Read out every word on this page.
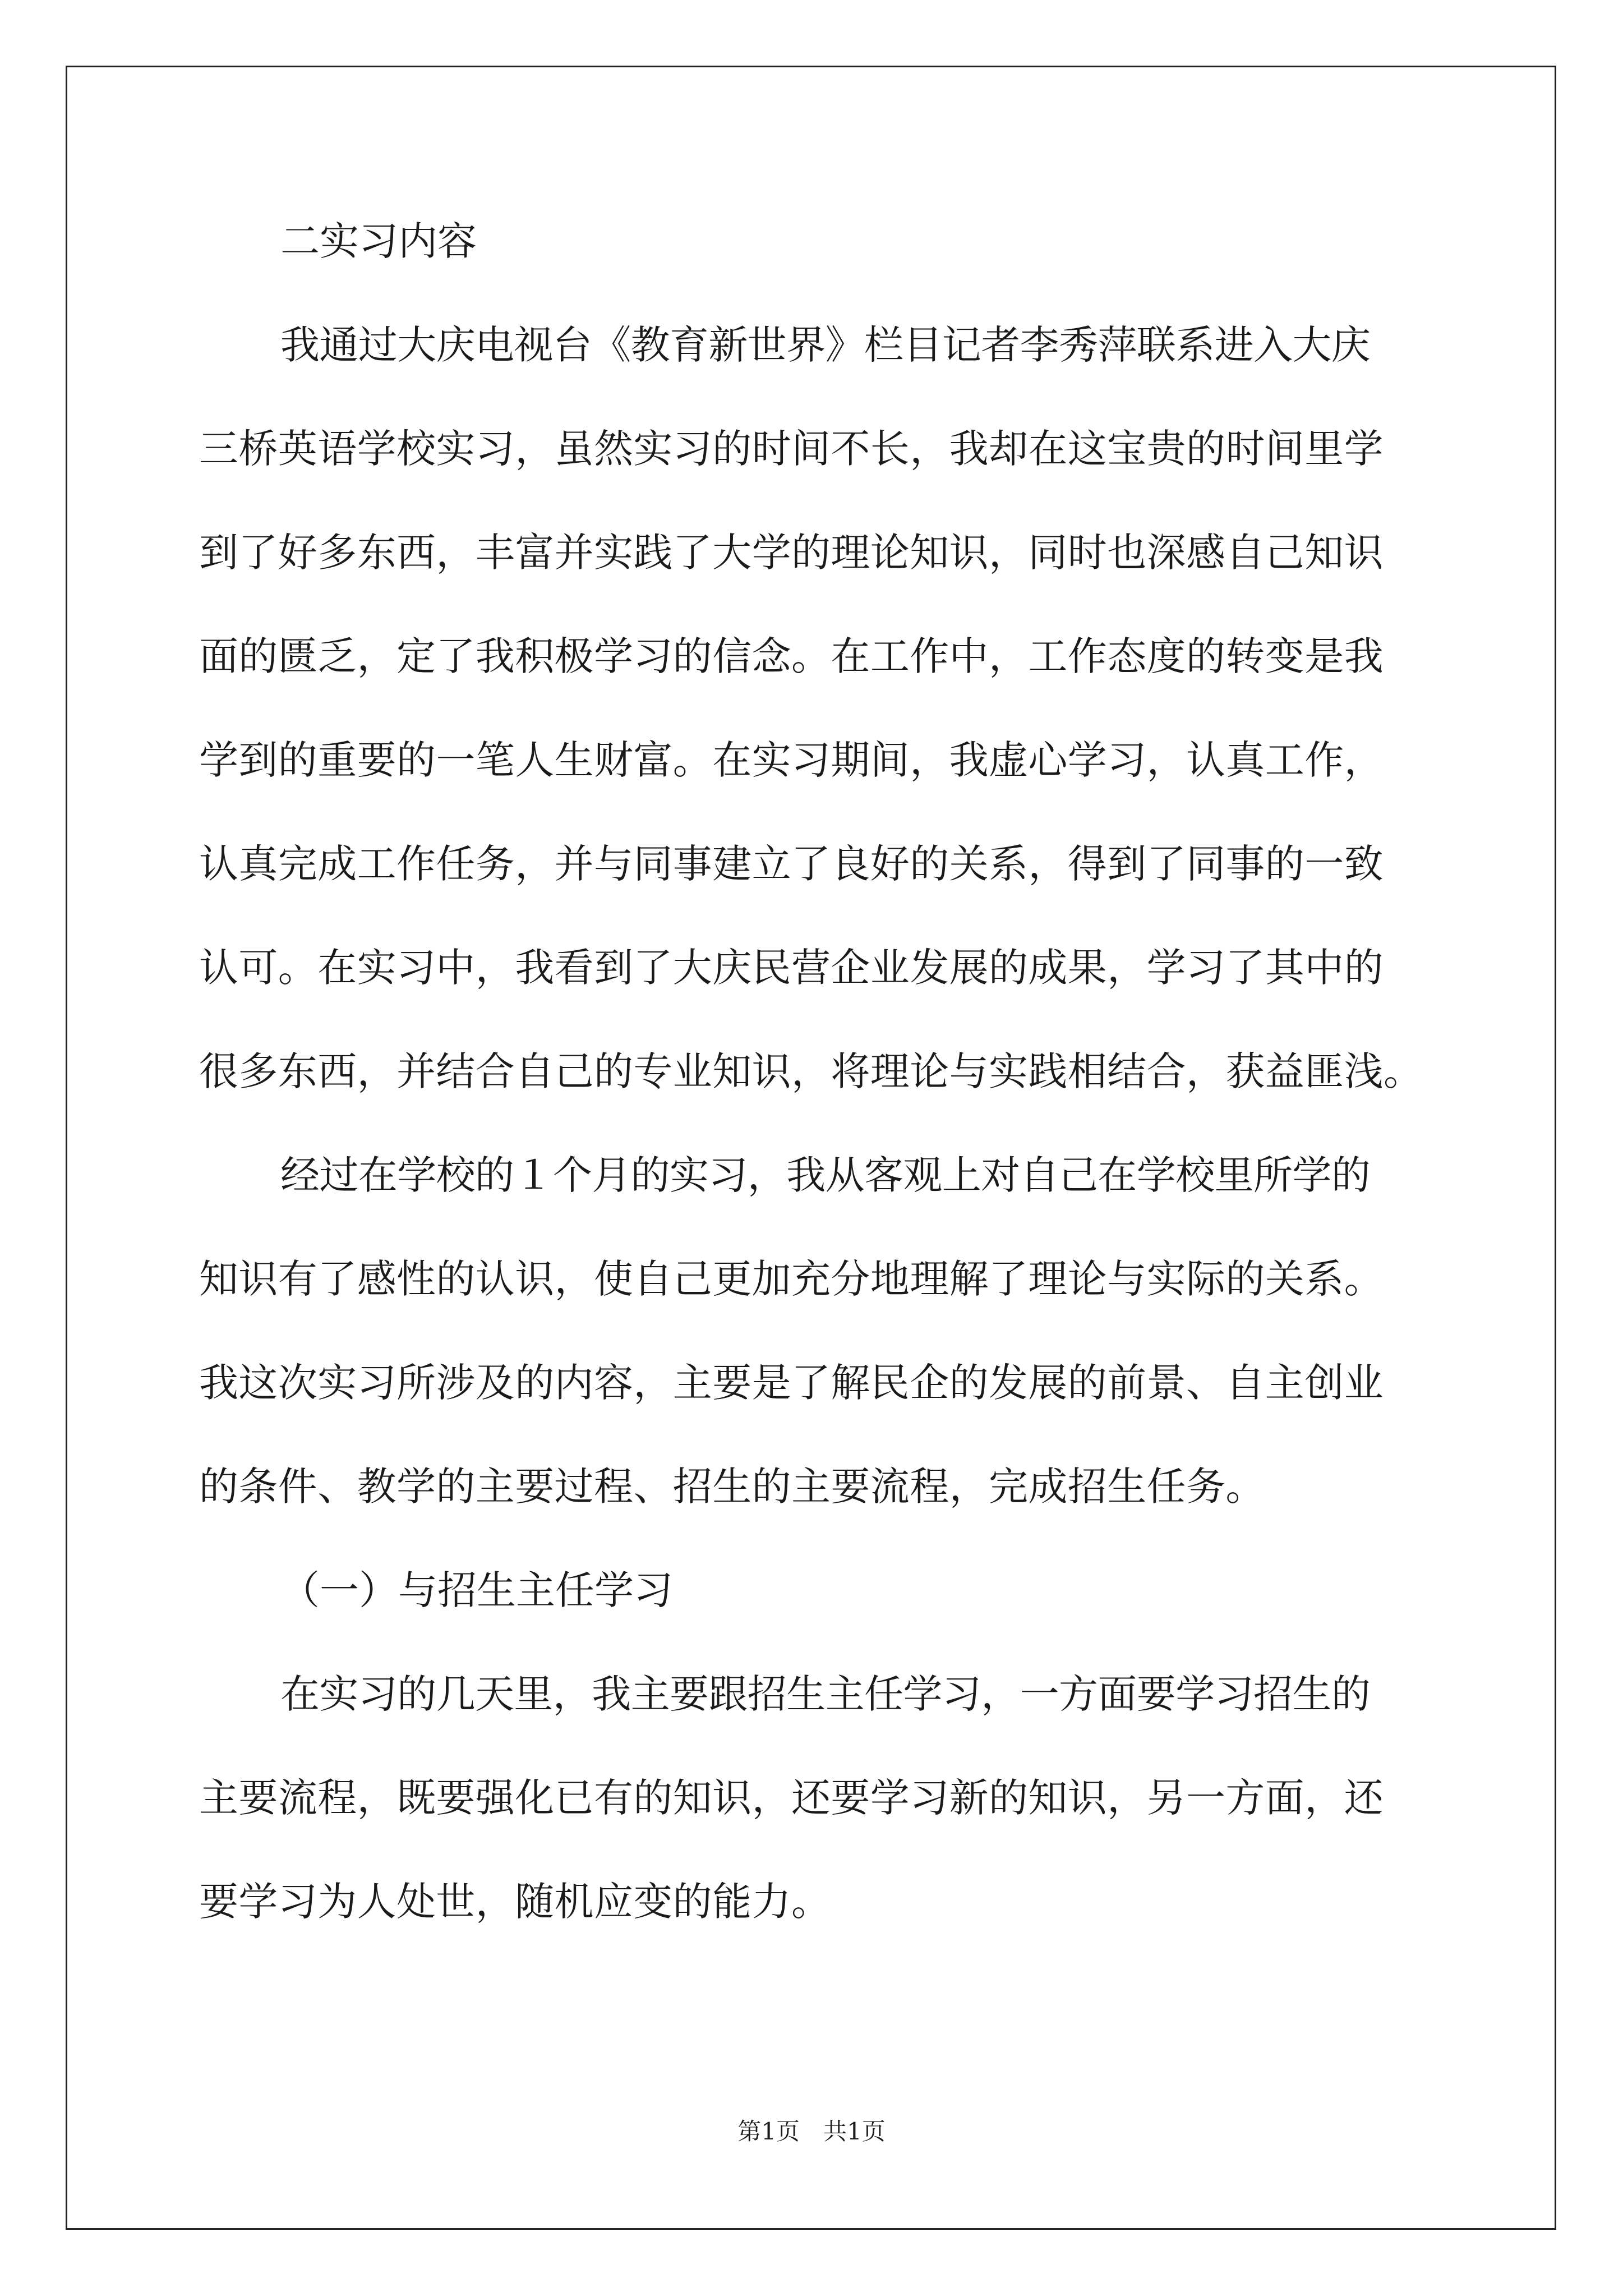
二实习内容
我通过大庆电视台《教育新世界》栏目记者李秀萍联系进入大庆
三桥英语学校实习，虽然实习的时间不长，我却在这宝贵的时间里学
到了好多东西，丰富并实践了大学的理论知识，同时也深感自己知识
面的匮乏，定了我积极学习的信念。在工作中，工作态度的转变是我
学到的重要的一笔人生财富。在实习期间，我虚心学习，认真工作，
认真完成工作任务，并与同事建立了良好的关系，得到了同事的一致
认可。在实习中，我看到了大庆民营企业发展的成果，学习了其中的
很多东西，并结合自己的专业知识，将理论与实践相结合，获益匪浅。
经过在学校的１个月的实习，我从客观上对自己在学校里所学的
知识有了感性的认识，使自己更加充分地理解了理论与实际的关系。
我这次实习所涉及的内容，主要是了解民企的发展的前景、自主创业
的条件、教学的主要过程、招生的主要流程，完成招生任务。
（一）与招生主任学习
在实习的几天里，我主要跟招生主任学习，一方面要学习招生的
主要流程，既要强化已有的知识，还要学习新的知识，另一方面，还
要学习为人处世，随机应变的能力。
第1页　共1页
